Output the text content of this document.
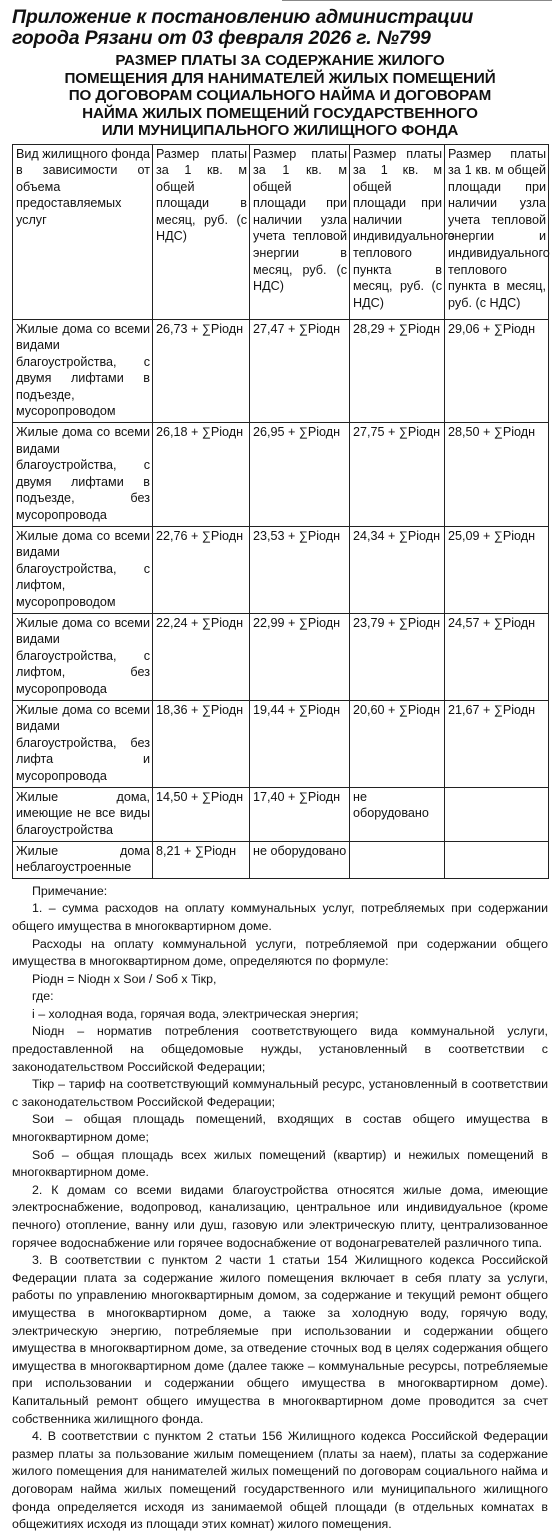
Приложение к постановлению администрации
города Рязани от 03 февраля 2026 г. №799
РАЗМЕР ПЛАТЫ ЗА СОДЕРЖАНИЕ ЖИЛОГО
ПОМЕЩЕНИЯ ДЛЯ НАНИМАТЕЛЕЙ ЖИЛЫХ ПОМЕЩЕНИЙ
ПО ДОГОВОРАМ СОЦИАЛЬНОГО НАЙМА И ДОГОВОРАМ
НАЙМА ЖИЛЫХ ПОМЕЩЕНИЙ ГОСУДАРСТВЕННОГО
ИЛИ МУНИЦИПАЛЬНОГО ЖИЛИЩНОГО ФОНДА
Вид жилищного фонда в зависимости от объема предоставляемых услуг	Размер платы за 1 кв. м общей площади в месяц, руб. (с НДС)	Размер платы за 1 кв. м общей площади при наличии узла учета тепловой энергии в месяц, руб. (с НДС)	Размер платы за 1 кв. м общей площади при наличии индивидуального теплового пункта в месяц, руб. (с НДС)	Размер платы за 1 кв. м общей площади при наличии узла учета тепловой энергии и индивидуального теплового пункта в месяц, руб. (с НДС)
Жилые дома со всеми видами благоустройства, с двумя лифтами в подъезде, мусоропроводом	26,73 + ∑Piодн	27,47 + ∑Piодн	28,29 + ∑Piодн	29,06 + ∑Piодн
Жилые дома со всеми видами благоустройства, с двумя лифтами в подъезде, без мусоропровода	26,18 + ∑Piодн	26,95 + ∑Piодн	27,75 + ∑Piодн	28,50 + ∑Piодн
Жилые дома со всеми видами благоустройства, с лифтом, мусоропроводом	22,76 + ∑Piодн	23,53 + ∑Piодн	24,34 + ∑Piодн	25,09 + ∑Piодн
Жилые дома со всеми видами благоустройства, с лифтом, без мусоропровода	22,24 + ∑Piодн	22,99 + ∑Piодн	23,79 + ∑Piодн	24,57 + ∑Piодн
Жилые дома со всеми видами благоустройства, без лифта и мусоропровода	18,36 + ∑Piодн	19,44 + ∑Piодн	20,60 + ∑Piодн	21,67 + ∑Piодн
Жилые дома, имеющие не все виды благоустройства	14,50 + ∑Piодн	17,40 + ∑Piодн	не оборудовано	
Жилые дома неблагоустроенные	8,21 + ∑Piодн	не оборудовано		

Примечание:

1. – сумма расходов на оплату коммунальных услуг, потребляемых при содержании общего имущества в многоквартирном доме.

Расходы на оплату коммунальной услуги, потребляемой при содержании общего имущества в многоквартирном доме, определяются по формуле:

Piодн = Niодн x Soи / Sоб x Tiкр,

где:

i – холодная вода, горячая вода, электрическая энергия;

Niодн – норматив потребления соответствующего вида коммунальной услуги, предоставленной на общедомовые нужды, установленный в соответствии с законодательством Российской Федерации;

Tiкр – тариф на соответствующий коммунальный ресурс, установленный в соответствии с законодательством Российской Федерации;

Soи – общая площадь помещений, входящих в состав общего имущества в многоквартирном доме;

Sоб – общая площадь всех жилых помещений (квартир) и нежилых помещений в многоквартирном доме.

2. К домам со всеми видами благоустройства относятся жилые дома, имеющие электроснабжение, водопровод, канализацию, центральное или индивидуальное (кроме печного) отопление, ванну или душ, газовую или электрическую плиту, централизованное горячее водоснабжение или горячее водоснабжение от водонагревателей различного типа.

3. В соответствии с пунктом 2 части 1 статьи 154 Жилищного кодекса Российской Федерации плата за содержание жилого помещения включает в себя плату за услуги, работы по управлению многоквартирным домом, за содержание и текущий ремонт общего имущества в многоквартирном доме, а также за холодную воду, горячую воду, электрическую энергию, потребляемые при использовании и содержании общего имущества в многоквартирном доме, за отведение сточных вод в целях содержания общего имущества в многоквартирном доме (далее также – коммунальные ресурсы, потребляемые при использовании и содержании общего имущества в многоквартирном доме). Капитальный ремонт общего имущества в многоквартирном доме проводится за счет собственника жилищного фонда.

4. В соответствии с пунктом 2 статьи 156 Жилищного кодекса Российской Федерации размер платы за пользование жилым помещением (платы за наем), платы за содержание жилого помещения для нанимателей жилых помещений по договорам социального найма и договорам найма жилых помещений государственного или муниципального жилищного фонда определяется исходя из занимаемой общей площади (в отдельных комнатах в общежитиях исходя из площади этих комнат) жилого помещения.
